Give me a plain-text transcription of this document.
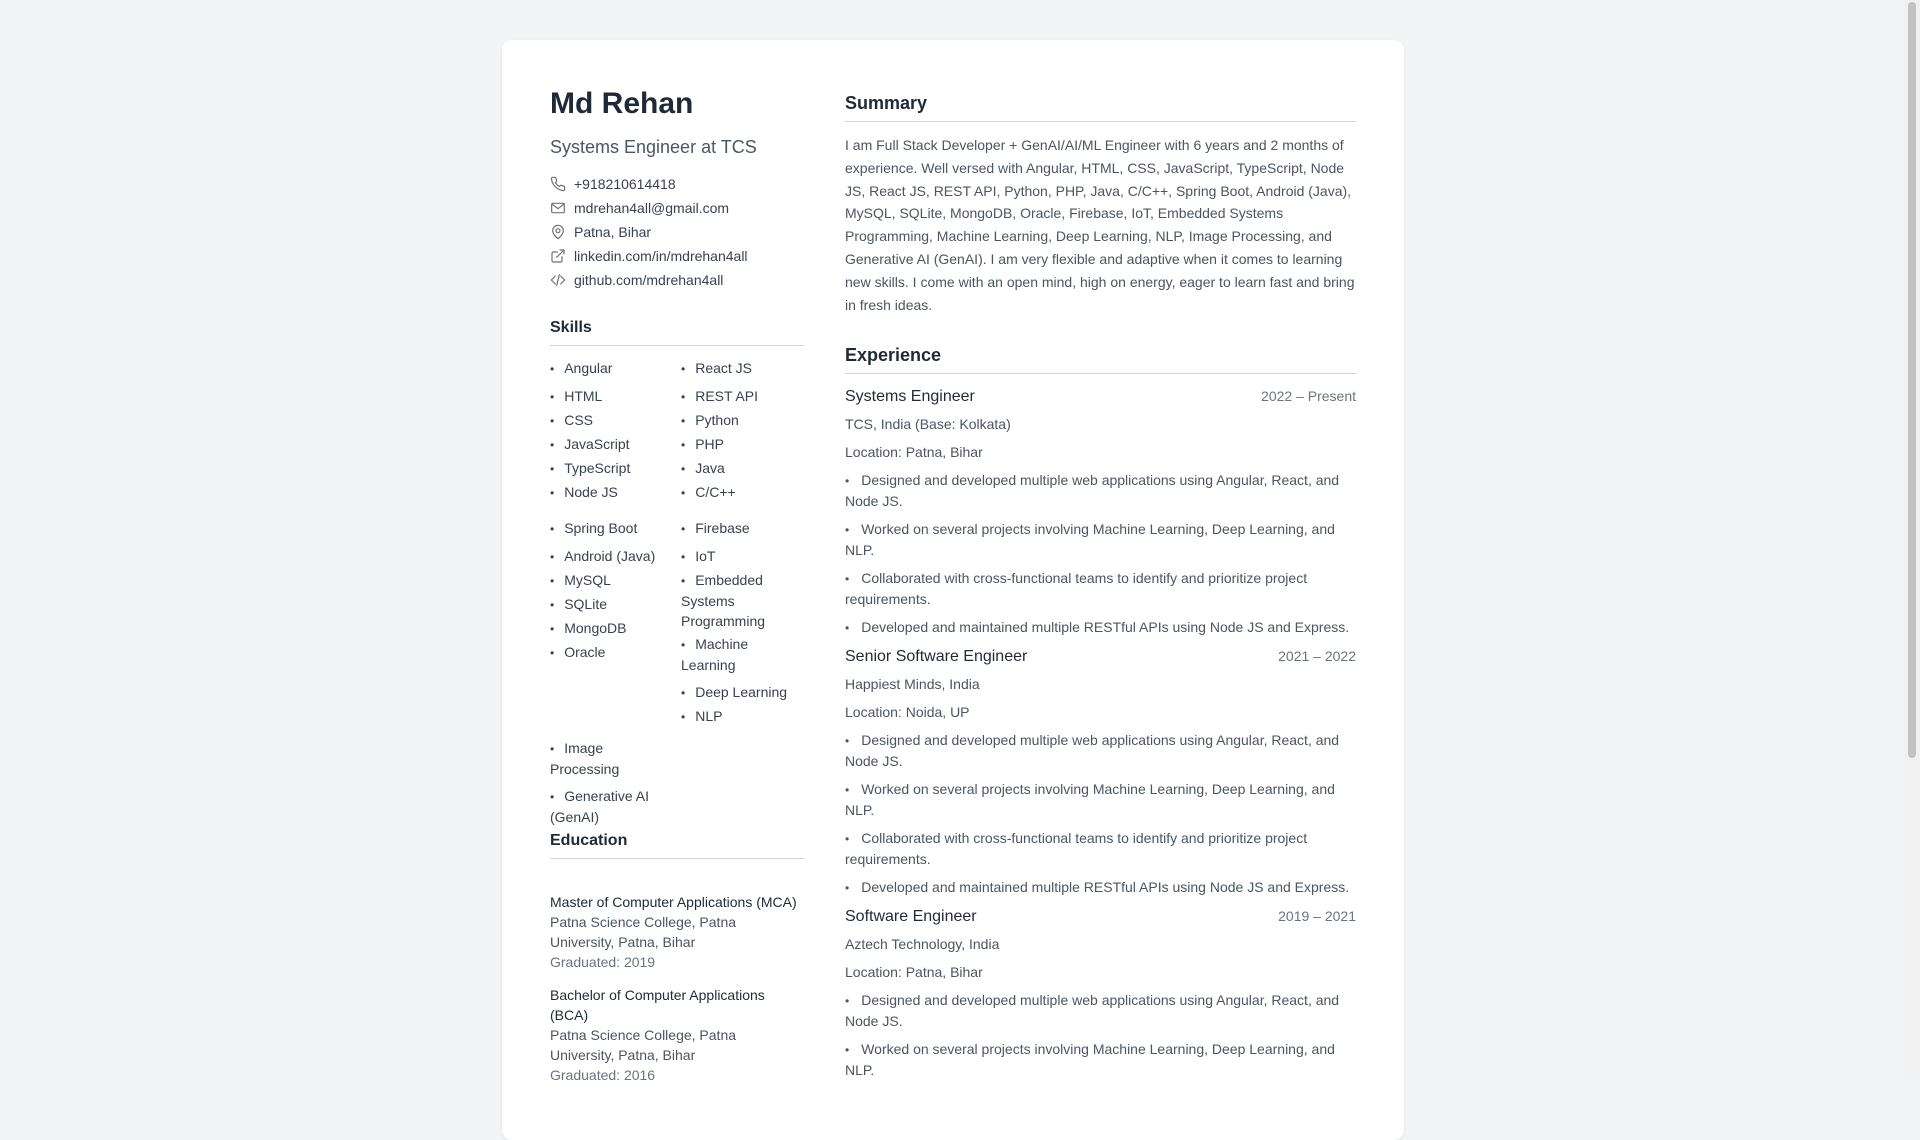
Md Rehan
Systems Engineer at TCS
+918210614418
mdrehan4all@gmail.com
Patna, Bihar
linkedin.com/in/mdrehan4all
github.com/mdrehan4all
Skills
• Angular
• HTML
• CSS
• JavaScript
• TypeScript
• Node JS
• Spring Boot
• Android (Java)
• MySQL
• SQLite
• MongoDB
• Oracle
• Image Processing
• Generative AI (GenAI)
• React JS
• REST API
• Python
• PHP
• Java
• C/C++
• Firebase
• IoT
• Embedded Systems Programming
• Machine Learning
• Deep Learning
• NLP
Education
Master of Computer Applications (MCA)
Patna Science College, Patna University, Patna, Bihar
Graduated: 2019
Bachelor of Computer Applications (BCA)
Patna Science College, Patna University, Patna, Bihar
Graduated: 2016
Summary
I am Full Stack Developer + GenAI/AI/ML Engineer with 6 years and 2 months of experience. Well versed with Angular, HTML, CSS, JavaScript, TypeScript, Node JS, React JS, REST API, Python, PHP, Java, C/C++, Spring Boot, Android (Java), MySQL, SQLite, MongoDB, Oracle, Firebase, IoT, Embedded Systems Programming, Machine Learning, Deep Learning, NLP, Image Processing, and Generative AI (GenAI). I am very flexible and adaptive when it comes to learning new skills. I come with an open mind, high on energy, eager to learn fast and bring in fresh ideas.
Experience
Systems Engineer	2022 – Present
TCS, India (Base: Kolkata)
Location: Patna, Bihar
• Designed and developed multiple web applications using Angular, React, and Node JS.
• Worked on several projects involving Machine Learning, Deep Learning, and NLP.
• Collaborated with cross-functional teams to identify and prioritize project requirements.
• Developed and maintained multiple RESTful APIs using Node JS and Express.
Senior Software Engineer	2021 – 2022
Happiest Minds, India
Location: Noida, UP
• Designed and developed multiple web applications using Angular, React, and Node JS.
• Worked on several projects involving Machine Learning, Deep Learning, and NLP.
• Collaborated with cross-functional teams to identify and prioritize project requirements.
• Developed and maintained multiple RESTful APIs using Node JS and Express.
Software Engineer	2019 – 2021
Aztech Technology, India
Location: Patna, Bihar
• Designed and developed multiple web applications using Angular, React, and Node JS.
• Worked on several projects involving Machine Learning, Deep Learning, and NLP.
